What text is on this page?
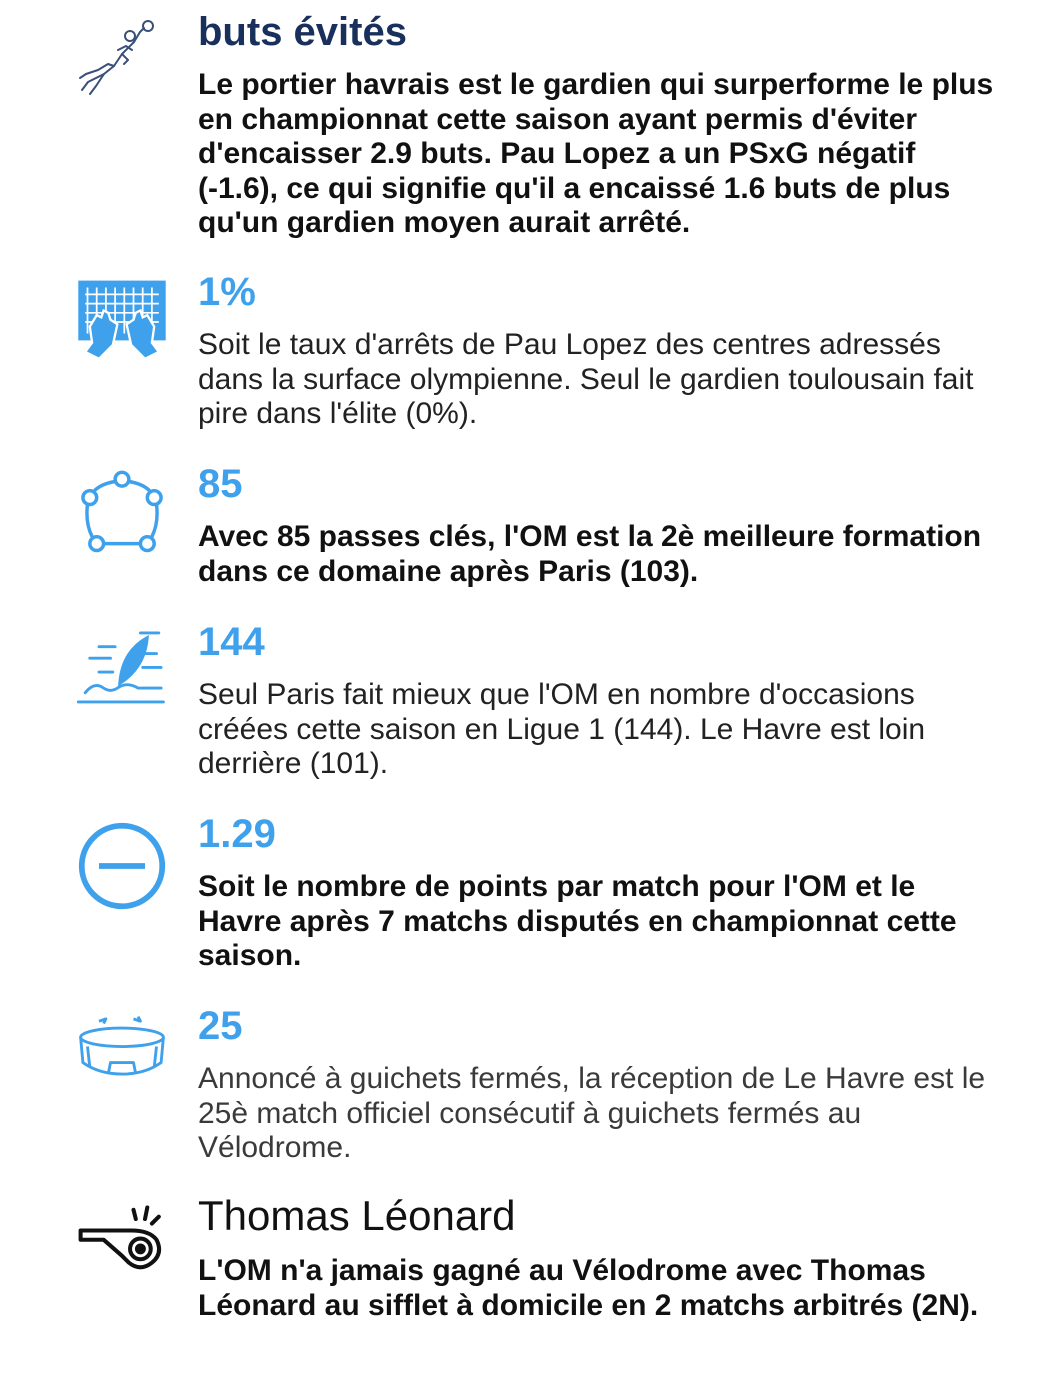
buts évités

Le portier havrais est le gardien qui surperforme le plus en championnat cette saison ayant permis d'éviter d'encaisser 2.9 buts. Pau Lopez a un PSxG négatif (-1.6), ce qui signifie qu'il a encaissé 1.6 buts de plus qu'un gardien moyen aurait arrêté.

1%

Soit le taux d'arrêts de Pau Lopez des centres adressés dans la surface olympienne. Seul le gardien toulousain fait pire dans l'élite (0%).

85

Avec 85 passes clés, l'OM est la 2è meilleure formation dans ce domaine après Paris (103).

144

Seul Paris fait mieux que l'OM en nombre d'occasions créées cette saison en Ligue 1 (144). Le Havre est loin derrière (101).

1.29

Soit le nombre de points par match pour l'OM et le Havre après 7 matchs disputés en championnat cette saison.

25

Annoncé à guichets fermés, la réception de Le Havre est le 25è match officiel consécutif à guichets fermés au Vélodrome.

Thomas Léonard

L'OM n'a jamais gagné au Vélodrome avec Thomas Léonard au sifflet à domicile en 2 matchs arbitrés (2N).
